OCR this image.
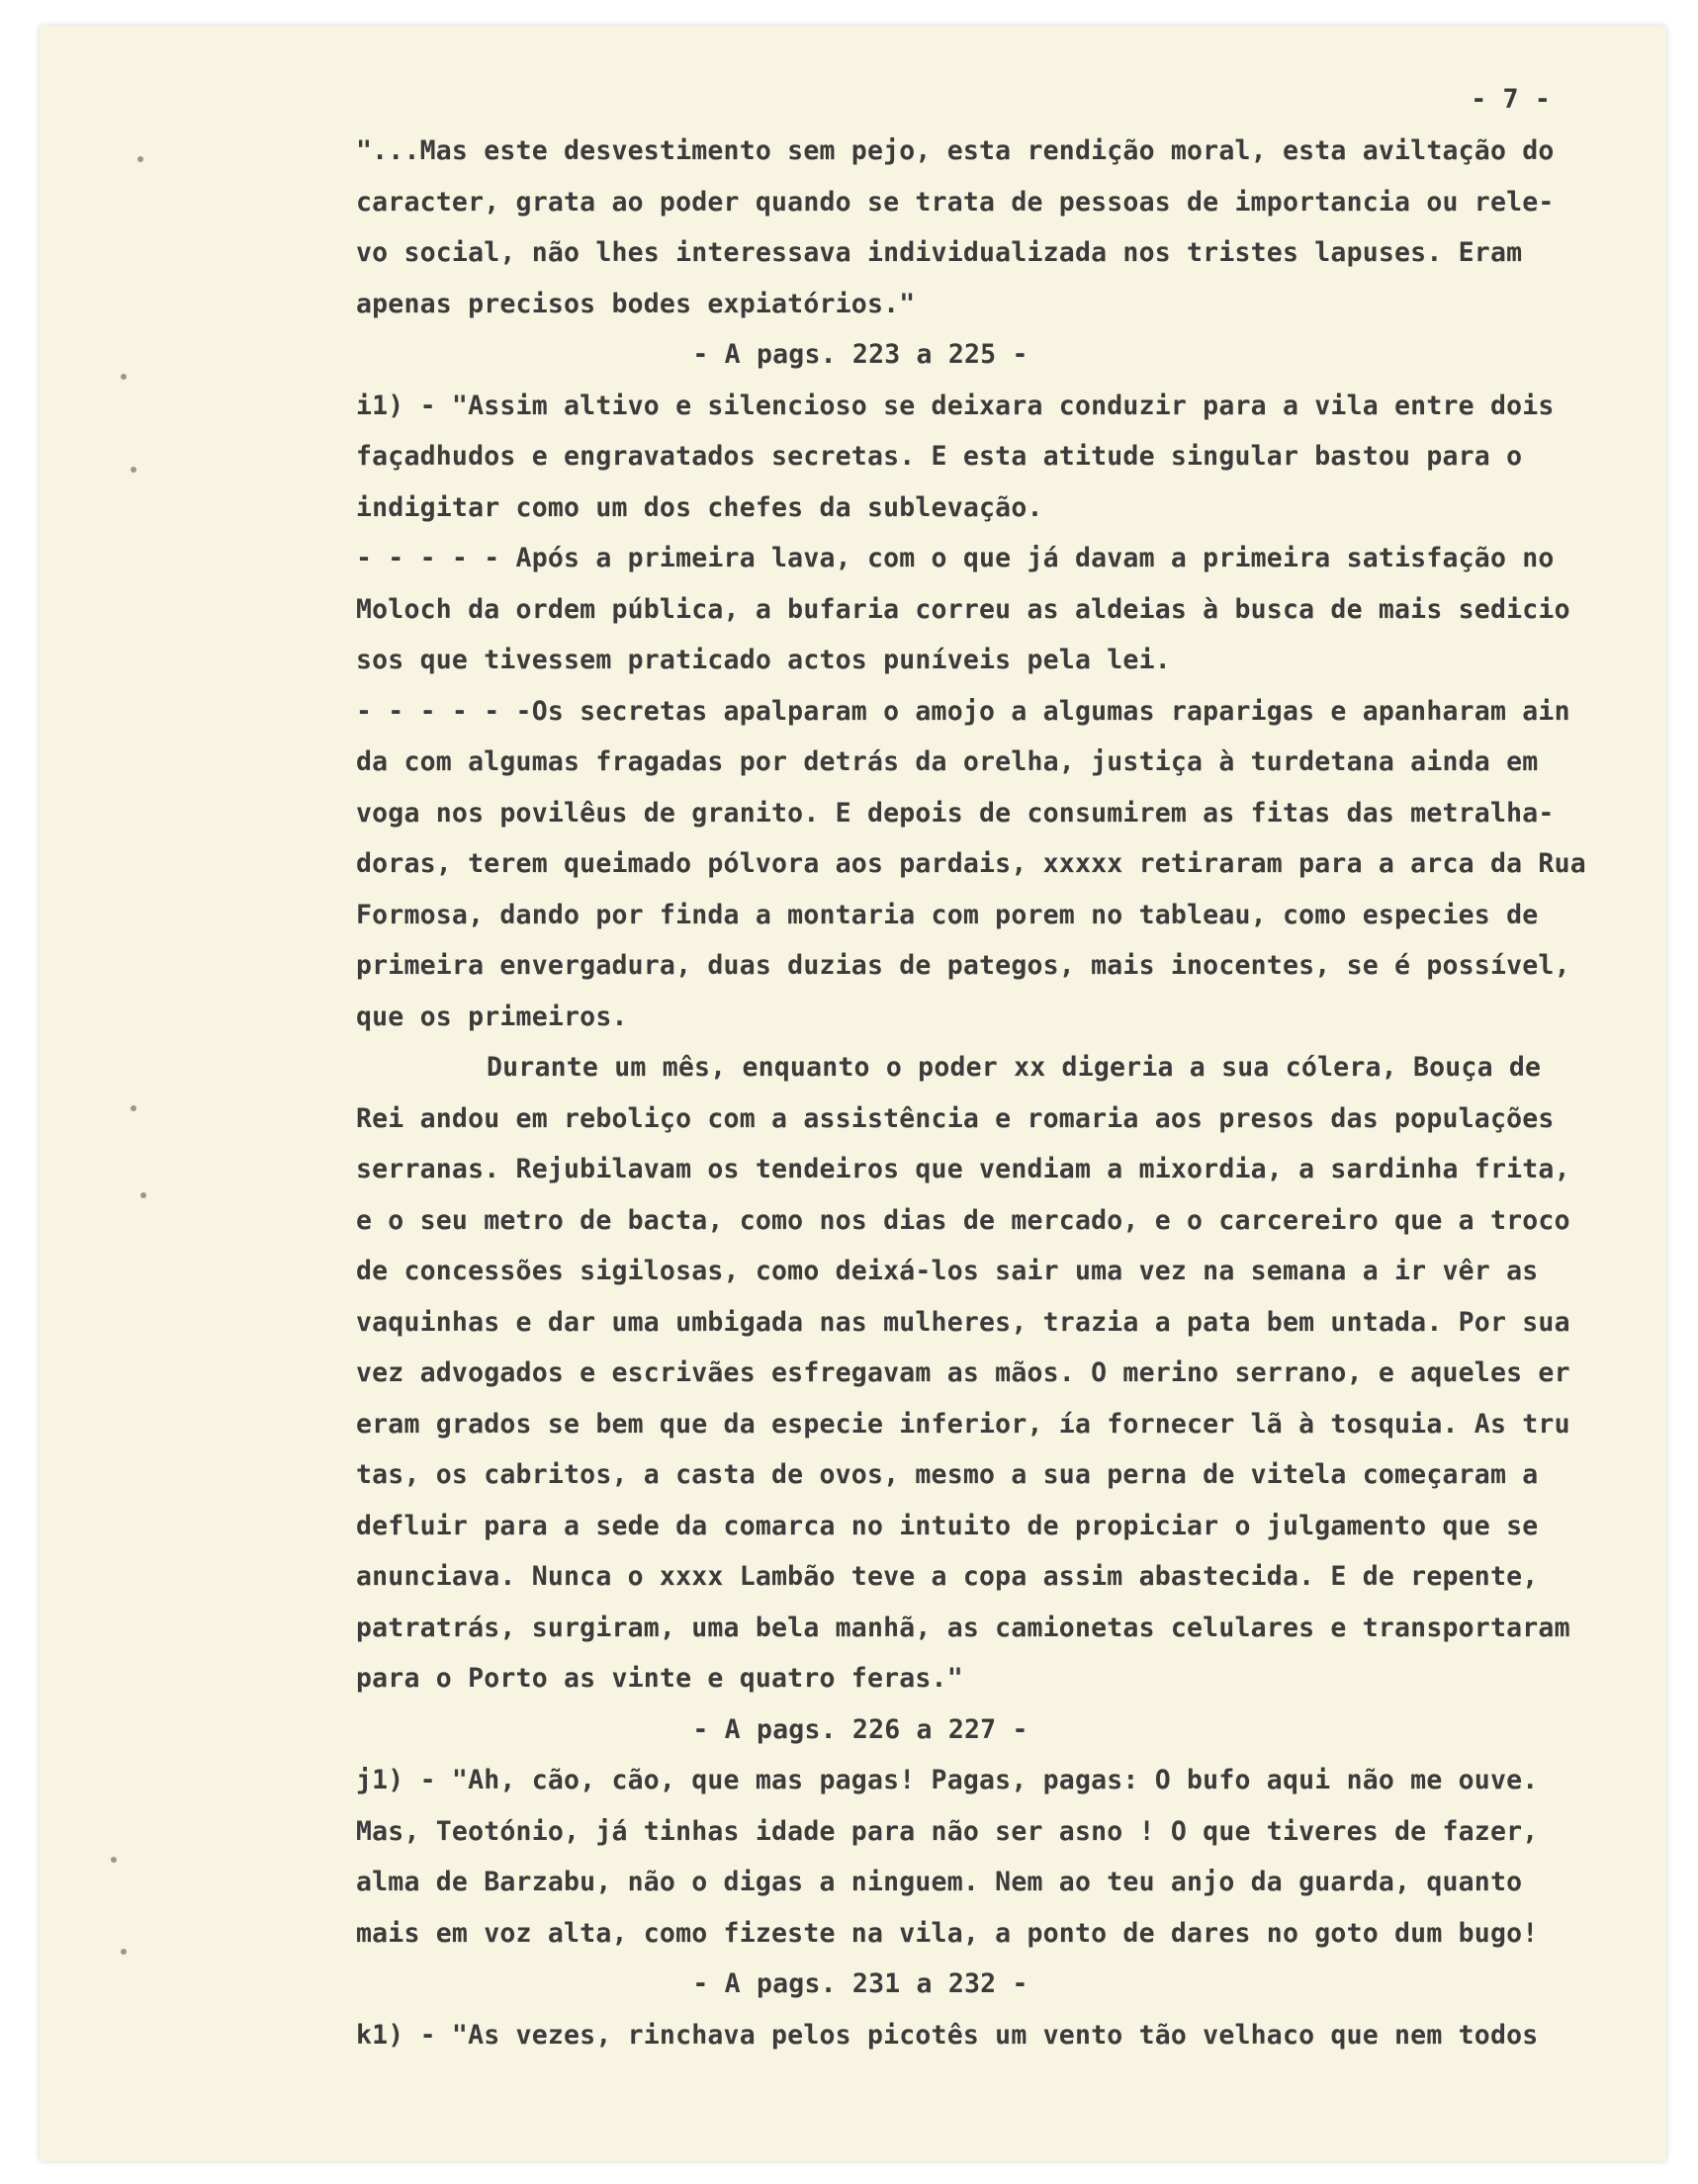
- 7 -
"...Mas este desvestimento sem pejo, esta rendição moral, esta aviltação do
caracter, grata ao poder quando se trata de pessoas de importancia ou rele-
vo social, não lhes interessava individualizada nos tristes lapuses. Eram
apenas precisos bodes expiatórios."
- A pags. 223 a 225 -
i1) - "Assim altivo e silencioso se deixara conduzir para a vila entre dois
façadhudos e engravatados secretas. E esta atitude singular bastou para o
indigitar como um dos chefes da sublevação.
- - - - - Após a primeira lava, com o que já davam a primeira satisfação no
Moloch da ordem pública, a bufaria correu as aldeias à busca de mais sedicio
sos que tivessem praticado actos puníveis pela lei.
- - - - - -Os secretas apalparam o amojo a algumas raparigas e apanharam ain
da com algumas fragadas por detrás da orelha, justiça à turdetana ainda em
voga nos povilêus de granito. E depois de consumirem as fitas das metralha-
doras, terem queimado pólvora aos pardais, xxxxx retiraram para a arca da Rua
Formosa, dando por finda a montaria com porem no tableau, como especies de
primeira envergadura, duas duzias de pategos, mais inocentes, se é possível,
que os primeiros.
Durante um mês, enquanto o poder xx digeria a sua cólera, Bouça de
Rei andou em reboliço com a assistência e romaria aos presos das populações
serranas. Rejubilavam os tendeiros que vendiam a mixordia, a sardinha frita,
e o seu metro de bacta, como nos dias de mercado, e o carcereiro que a troco
de concessões sigilosas, como deixá-los sair uma vez na semana a ir vêr as
vaquinhas e dar uma umbigada nas mulheres, trazia a pata bem untada. Por sua
vez advogados e escrivães esfregavam as mãos. O merino serrano, e aqueles er
eram grados se bem que da especie inferior, ía fornecer lã à tosquia. As tru
tas, os cabritos, a casta de ovos, mesmo a sua perna de vitela começaram a
defluir para a sede da comarca no intuito de propiciar o julgamento que se
anunciava. Nunca o xxxx Lambão teve a copa assim abastecida. E de repente,
patratrás, surgiram, uma bela manhã, as camionetas celulares e transportaram
para o Porto as vinte e quatro feras."
- A pags. 226 a 227 -
j1) - "Ah, cão, cão, que mas pagas! Pagas, pagas: O bufo aqui não me ouve.
Mas, Teotónio, já tinhas idade para não ser asno ! O que tiveres de fazer,
alma de Barzabu, não o digas a ninguem. Nem ao teu anjo da guarda, quanto
mais em voz alta, como fizeste na vila, a ponto de dares no goto dum bugo!
- A pags. 231 a 232 -
k1) - "As vezes, rinchava pelos picotês um vento tão velhaco que nem todos
